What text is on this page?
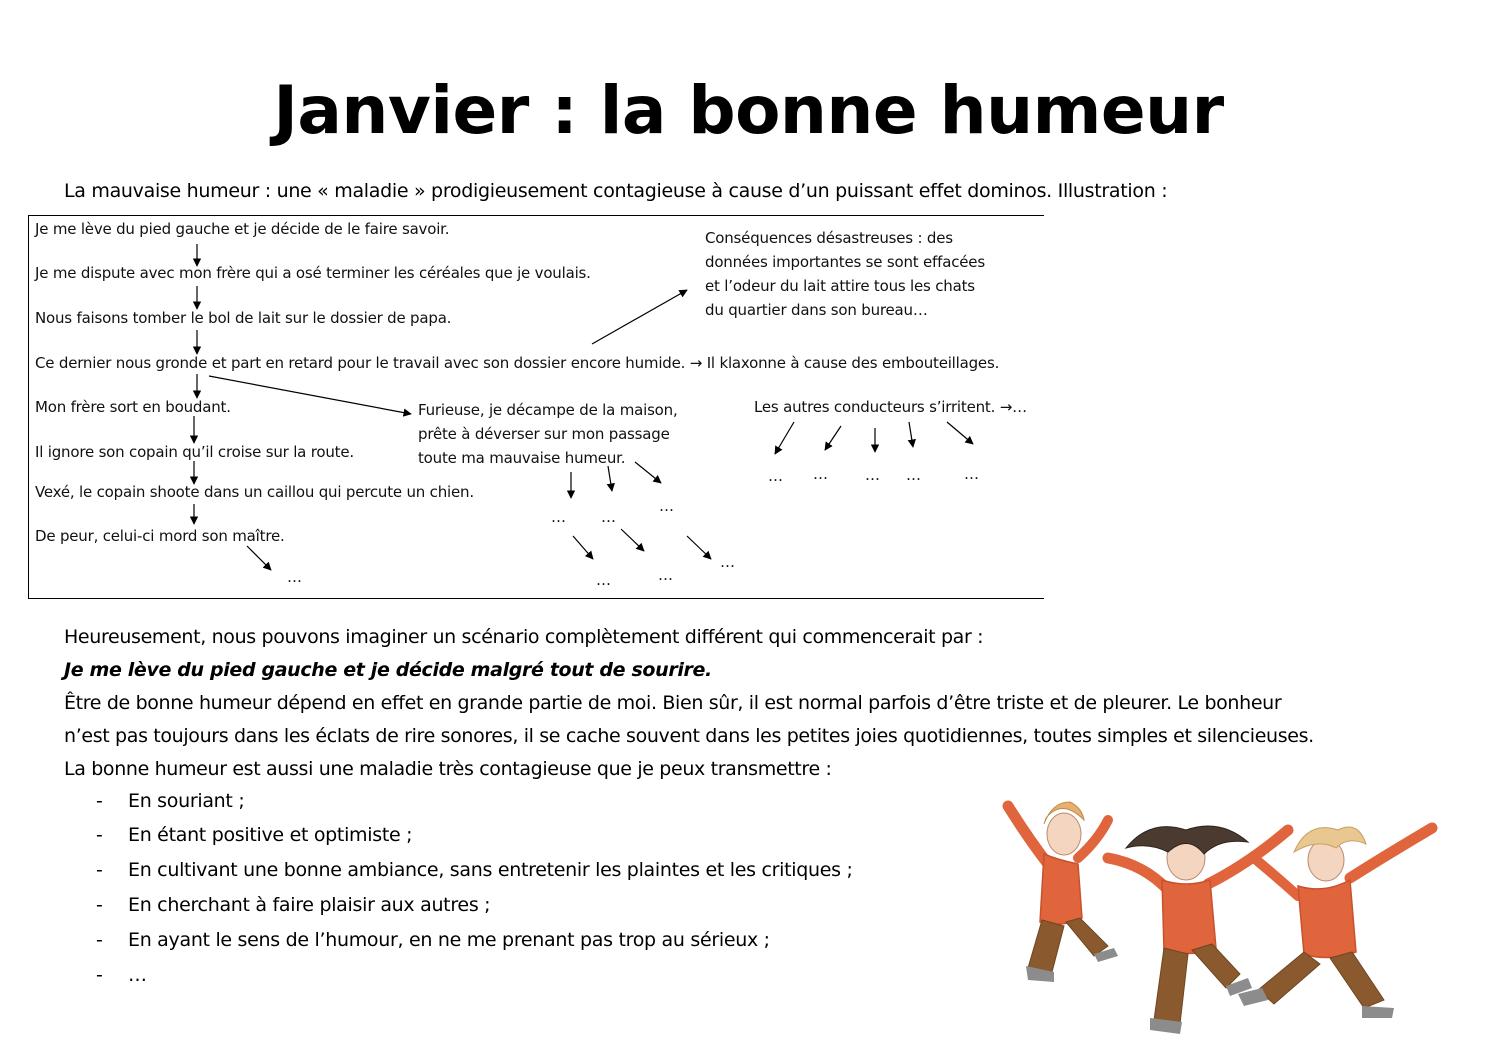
Janvier : la bonne humeur
La mauvaise humeur : une « maladie » prodigieusement contagieuse à cause d’un puissant effet dominos. Illustration :
Je me lève du pied gauche et je décide de le faire savoir.
Je me dispute avec mon frère qui a osé terminer les céréales que je voulais.
Nous faisons tomber le bol de lait sur le dossier de papa.
Ce dernier nous gronde et part en retard pour le travail avec son dossier encore humide. → Il klaxonne à cause des embouteillages.
Mon frère sort en boudant.
Il ignore son copain qu’il croise sur la route.
Vexé, le copain shoote dans un caillou qui percute un chien.
De peur, celui-ci mord son maître.
Conséquences désastreuses : des
données importantes se sont effacées
et l’odeur du lait attire tous les chats
du quartier dans son bureau…
Furieuse, je décampe de la maison,
prête à déverser sur mon passage
toute ma mauvaise humeur.
Les autres conducteurs s’irritent. →…
…
… …
…
…	…
…
… … … …	…
Heureusement, nous pouvons imaginer un scénario complètement différent qui commencerait par :
Je me lève du pied gauche et je décide malgré tout de sourire.
Être de bonne humeur dépend en effet en grande partie de moi. Bien sûr, il est normal parfois d’être triste et de pleurer. Le bonheur
n’est pas toujours dans les éclats de rire sonores, il se cache souvent dans les petites joies quotidiennes, toutes simples et silencieuses.
La bonne humeur est aussi une maladie très contagieuse que je peux transmettre :
- En souriant ;
- En étant positive et optimiste ;
- En cultivant une bonne ambiance, sans entretenir les plaintes et les critiques ;
- En cherchant à faire plaisir aux autres ;
- En ayant le sens de l’humour, en ne me prenant pas trop au sérieux ;
- …
